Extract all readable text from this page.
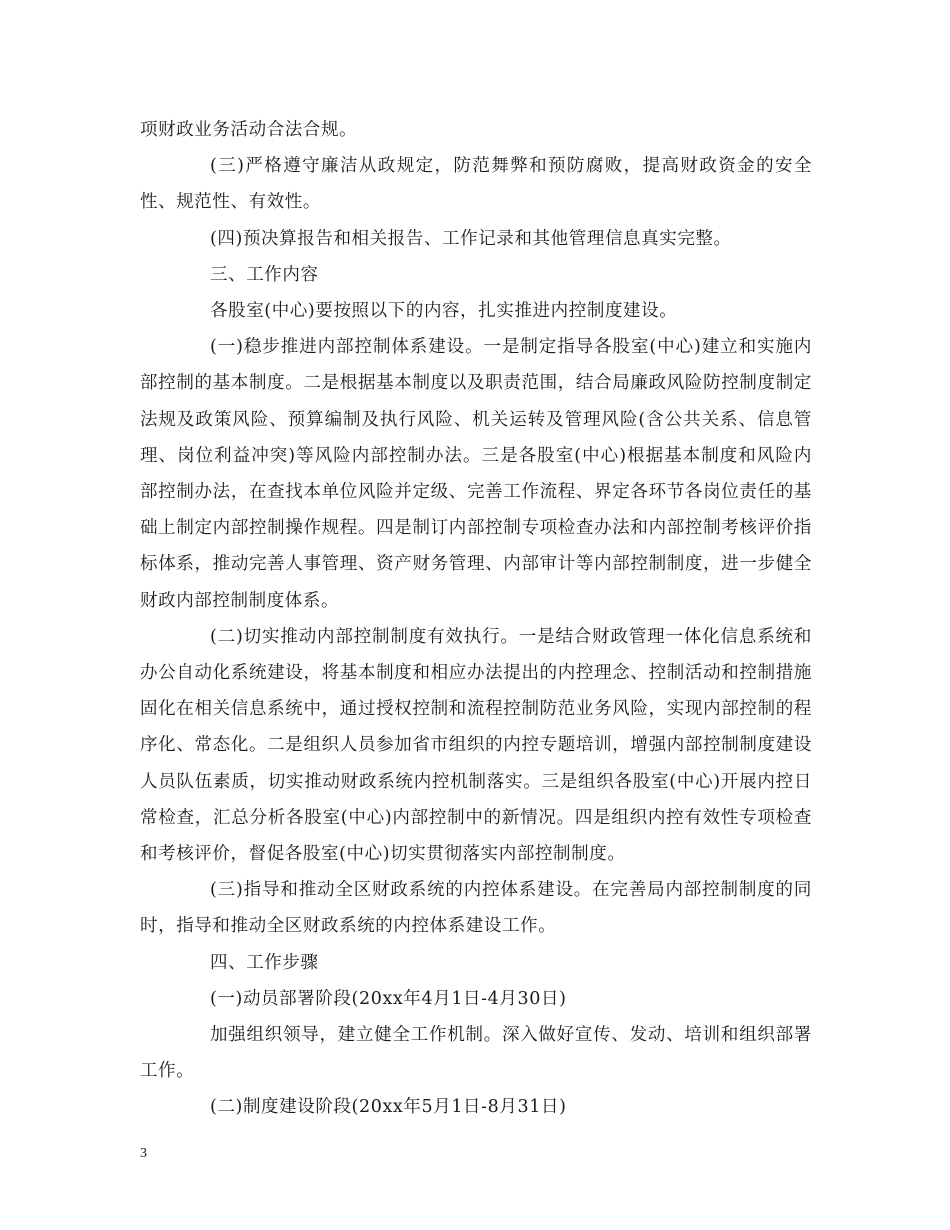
项财政业务活动合法合规。

(三)严格遵守廉洁从政规定，防范舞弊和预防腐败，提高财政资金的安全性、规范性、有效性。

(四)预决算报告和相关报告、工作记录和其他管理信息真实完整。

三、工作内容

各股室(中心)要按照以下的内容，扎实推进内控制度建设。

(一)稳步推进内部控制体系建设。一是制定指导各股室(中心)建立和实施内部控制的基本制度。二是根据基本制度以及职责范围，结合局廉政风险防控制度制定法规及政策风险、预算编制及执行风险、机关运转及管理风险(含公共关系、信息管理、岗位利益冲突)等风险内部控制办法。三是各股室(中心)根据基本制度和风险内部控制办法，在查找本单位风险并定级、完善工作流程、界定各环节各岗位责任的基础上制定内部控制操作规程。四是制订内部控制专项检查办法和内部控制考核评价指标体系，推动完善人事管理、资产财务管理、内部审计等内部控制制度，进一步健全财政内部控制制度体系。

(二)切实推动内部控制制度有效执行。一是结合财政管理一体化信息系统和办公自动化系统建设，将基本制度和相应办法提出的内控理念、控制活动和控制措施固化在相关信息系统中，通过授权控制和流程控制防范业务风险，实现内部控制的程序化、常态化。二是组织人员参加省市组织的内控专题培训，增强内部控制制度建设人员队伍素质，切实推动财政系统内控机制落实。三是组织各股室(中心)开展内控日常检查，汇总分析各股室(中心)内部控制中的新情况。四是组织内控有效性专项检查和考核评价，督促各股室(中心)切实贯彻落实内部控制制度。

(三)指导和推动全区财政系统的内控体系建设。在完善局内部控制制度的同时，指导和推动全区财政系统的内控体系建设工作。

四、工作步骤

(一)动员部署阶段(20xx年4月1日-4月30日)

加强组织领导，建立健全工作机制。深入做好宣传、发动、培训和组织部署工作。

(二)制度建设阶段(20xx年5月1日-8月31日)

3
